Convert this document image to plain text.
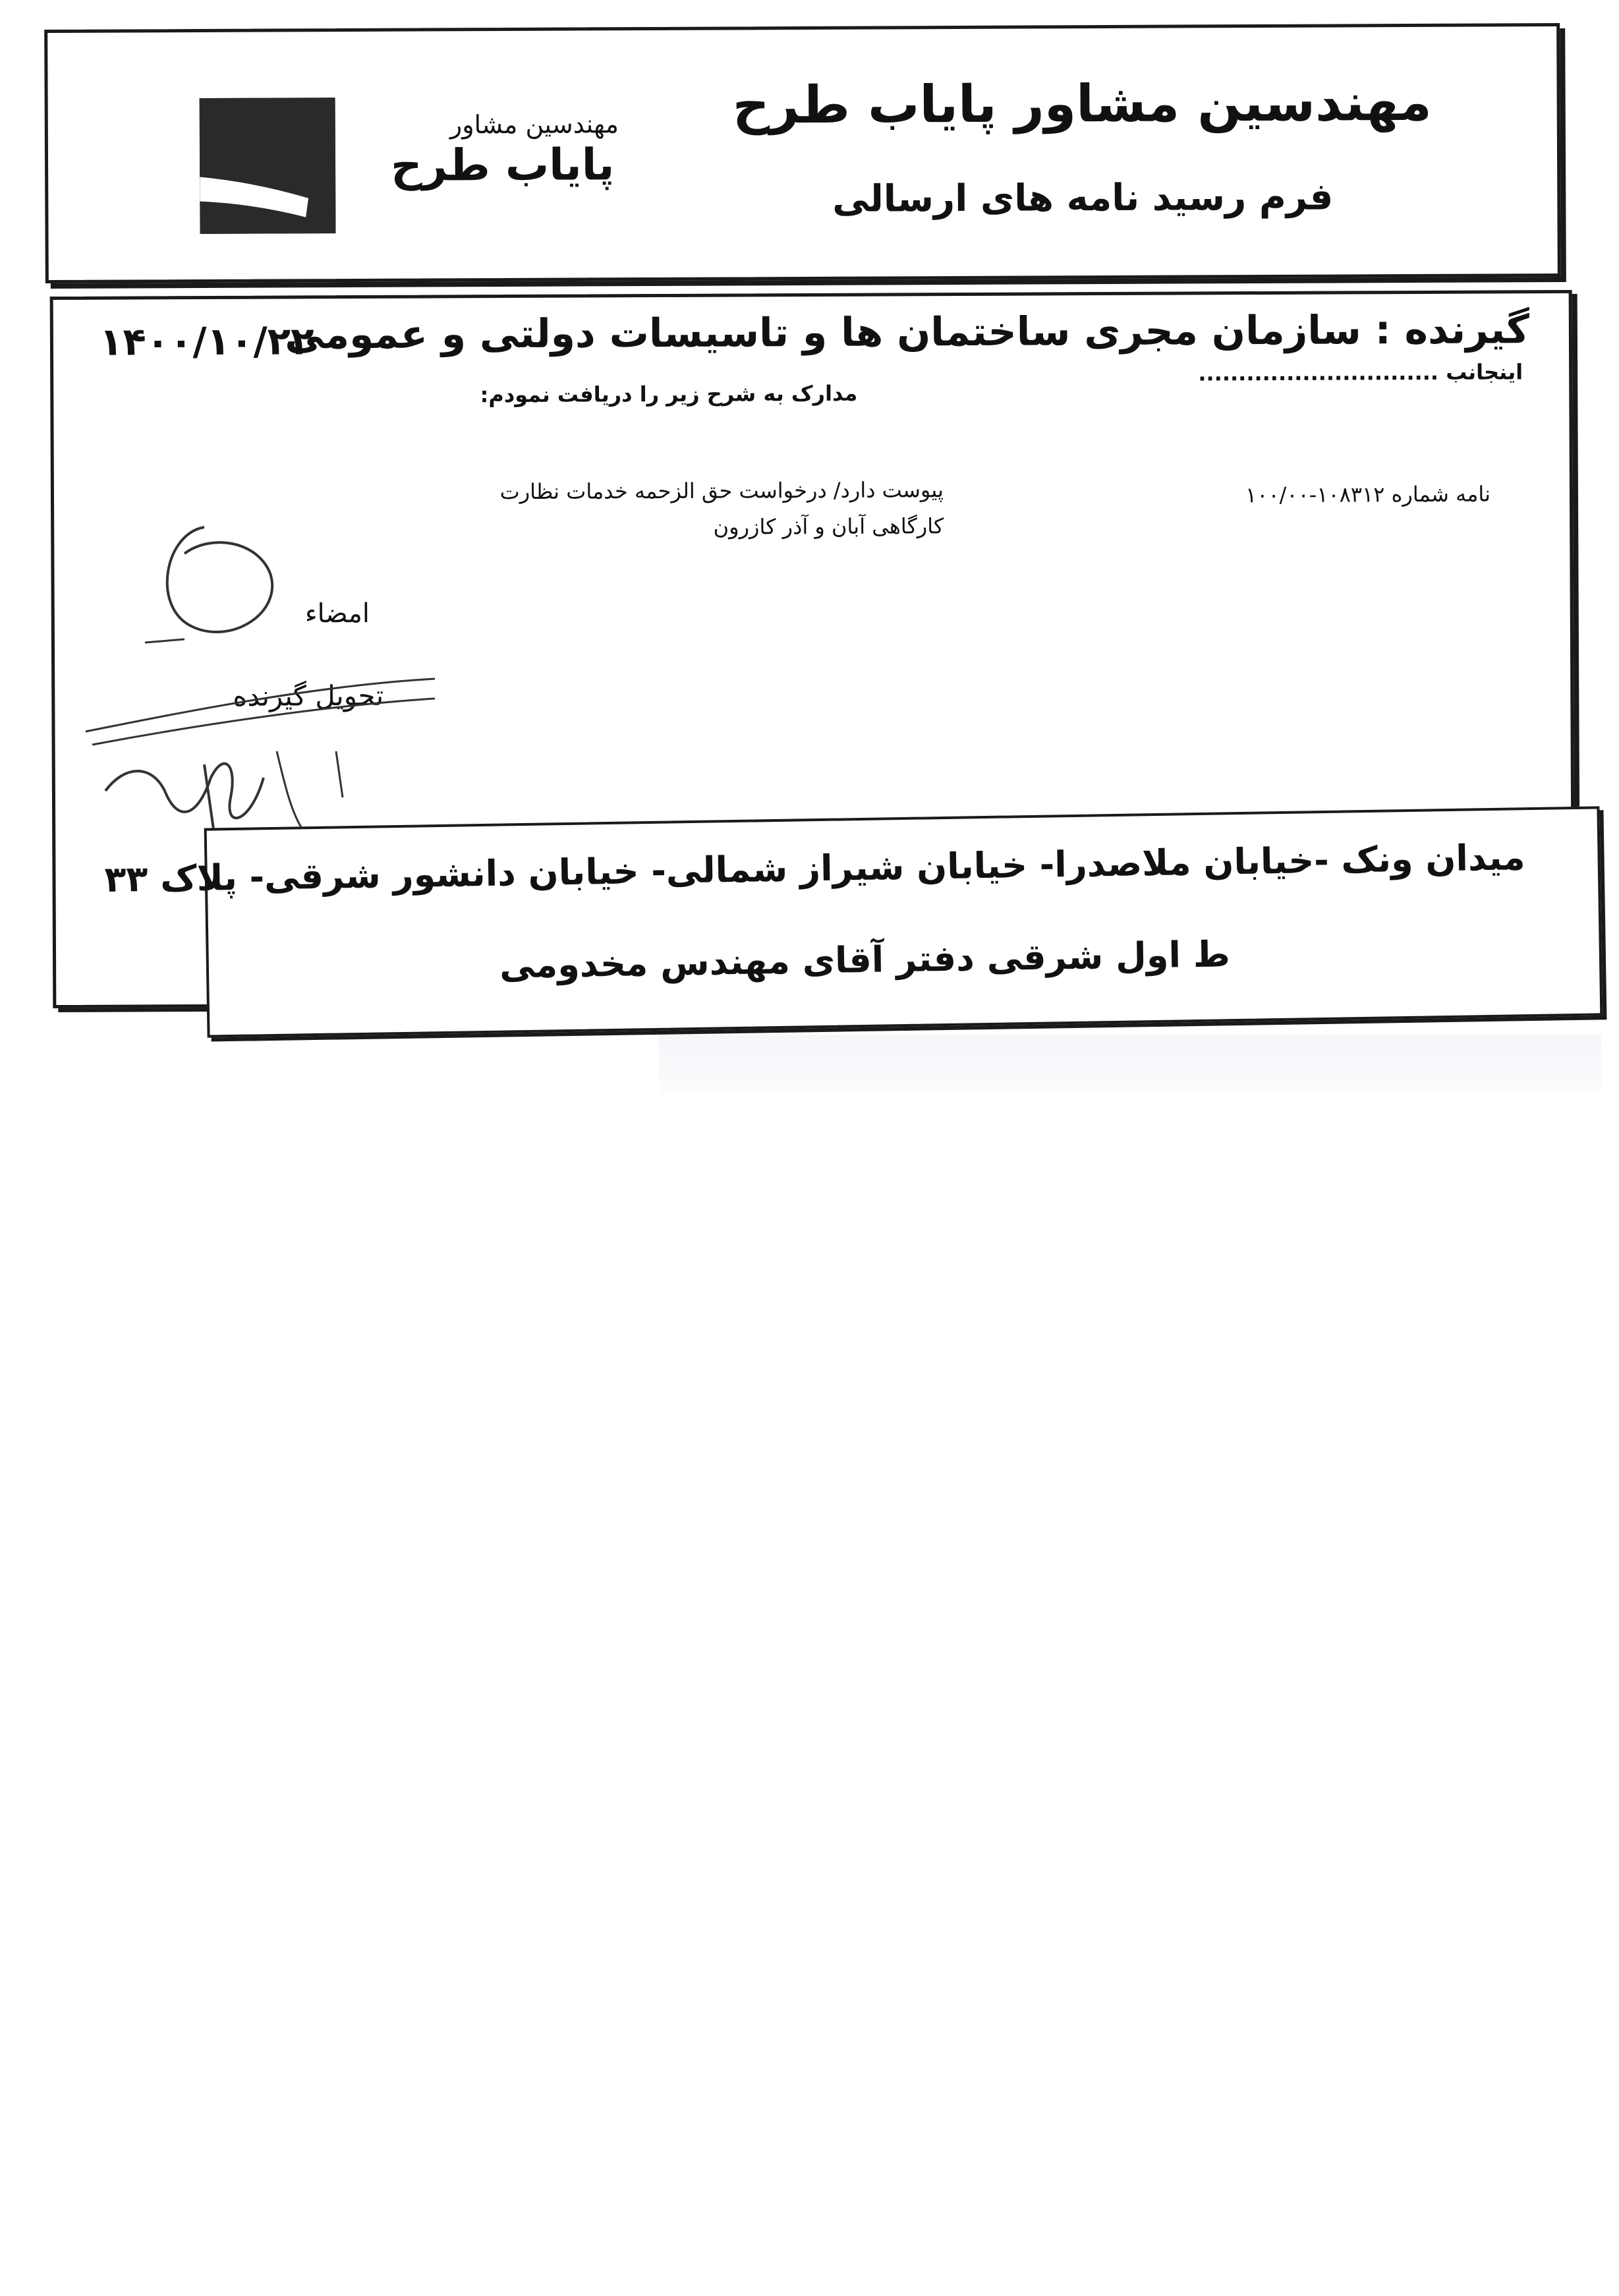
مهندسین مشاور
پایاب طرح
مهندسین مشاور پایاب طرح
فرم رسید نامه های ارسالی
گیرنده : سازمان مجری ساختمان ها و تاسیسات دولتی و عمومی
۱۴۰۰/۱۰/۲۲
اینجانب ..............................
مدارک به شرح زیر را دریافت نمودم:
نامه شماره ۱۰۸۳۱۲-۱۰۰/۰۰
پیوست دارد/ درخواست حق الزحمه خدمات نظارت
کارگاهی آبان و آذر کازرون
امضاء
تحویل گیرنده
میدان ونک -خیابان ملاصدرا- خیابان شیراز شمالی- خیابان دانشور شرقی- پلاک ۳۳
ط اول شرقی دفتر آقای مهندس مخدومی
